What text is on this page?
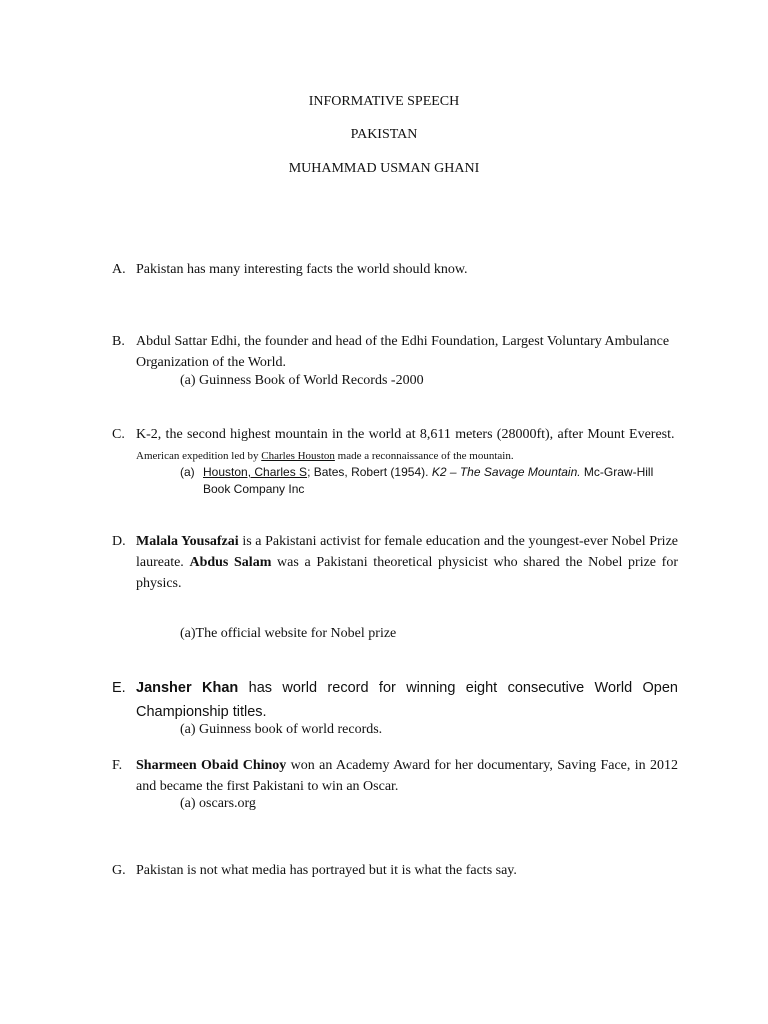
INFORMATIVE SPEECH
PAKISTAN
MUHAMMAD USMAN GHANI
A. Pakistan has many interesting facts the world should know.
B. Abdul Sattar Edhi, the founder and head of the Edhi Foundation, Largest Voluntary Ambulance Organization of the World.
(a) Guinness Book of World Records -2000
C. K-2, the second highest mountain in the world at 8,611 meters (28000ft), after Mount Everest.  American expedition led by Charles Houston made a reconnaissance of the mountain.
(a) Houston, Charles S; Bates, Robert (1954). K2 – The Savage Mountain. Mc-Graw-Hill Book Company Inc
D. Malala Yousafzai is a Pakistani activist for female education and the youngest-ever Nobel Prize laureate. Abdus Salam was a Pakistani theoretical physicist who shared the Nobel prize for physics.
(a)The official website for Nobel prize
E. Jansher Khan has world record for winning eight consecutive World Open Championship titles.
(a) Guinness book of world records.
F. Sharmeen Obaid Chinoy won an Academy Award for her documentary, Saving Face, in 2012 and became the first Pakistani to win an Oscar.
(a) oscars.org
G. Pakistan is not what media has portrayed but it is what the facts say.
